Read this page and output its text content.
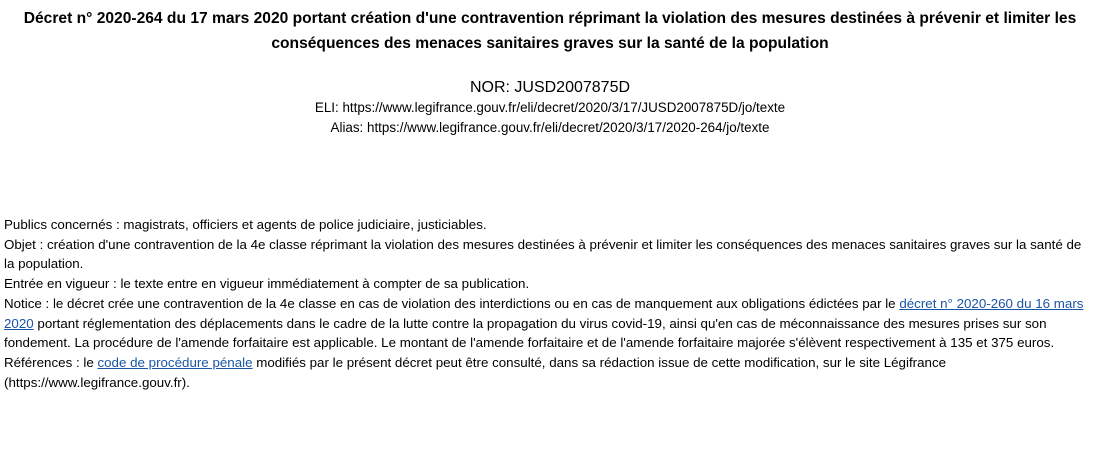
Décret n° 2020-264 du 17 mars 2020 portant création d'une contravention réprimant la violation des mesures destinées à prévenir et limiter les conséquences des menaces sanitaires graves sur la santé de la population
NOR: JUSD2007875D
ELI: https://www.legifrance.gouv.fr/eli/decret/2020/3/17/JUSD2007875D/jo/texte
Alias: https://www.legifrance.gouv.fr/eli/decret/2020/3/17/2020-264/jo/texte

Publics concernés : magistrats, officiers et agents de police judiciaire, justiciables.

Objet : création d'une contravention de la 4e classe réprimant la violation des mesures destinées à prévenir et limiter les conséquences des menaces sanitaires graves sur la santé de la population.

Entrée en vigueur : le texte entre en vigueur immédiatement à compter de sa publication.

Notice : le décret crée une contravention de la 4e classe en cas de violation des interdictions ou en cas de manquement aux obligations édictées par le décret n° 2020-260 du 16 mars 2020 portant réglementation des déplacements dans le cadre de la lutte contre la propagation du virus covid-19, ainsi qu'en cas de méconnaissance des mesures prises sur son fondement. La procédure de l'amende forfaitaire est applicable. Le montant de l'amende forfaitaire et de l'amende forfaitaire majorée s'élèvent respectivement à 135 et 375 euros.

Références : le code de procédure pénale modifiés par le présent décret peut être consulté, dans sa rédaction issue de cette modification, sur le site Légifrance (https://www.legifrance.gouv.fr).
